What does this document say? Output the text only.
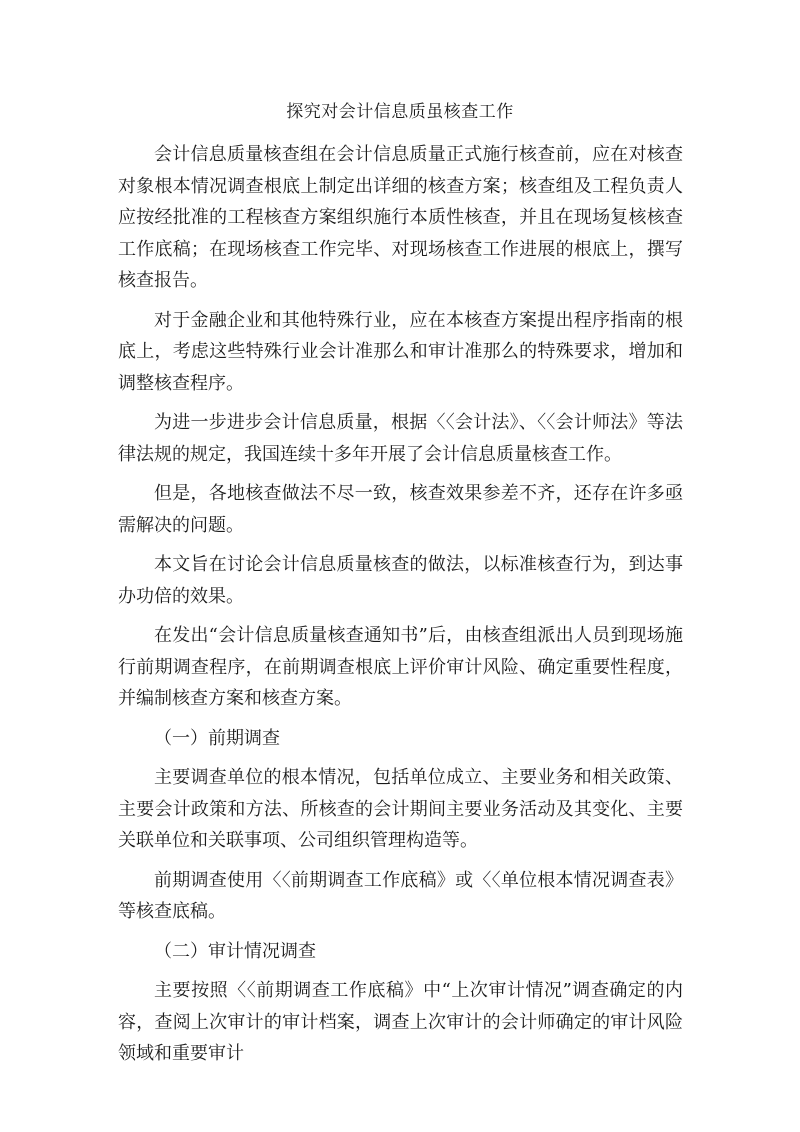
探究对会计信息质虽核查工作

会计信息质量核查组在会计信息质量正式施行核查前，应在对核查对象根本情况调查根底上制定出详细的核查方案；核查组及工程负责人应按经批准的工程核查方案组织施行本质性核查，并且在现场复核核查工作底稿；在现场核查工作完毕、对现场核查工作进展的根底上，撰写核查报告。

对于金融企业和其他特殊行业，应在本核查方案提出程序指南的根底上，考虑这些特殊行业会计准那么和审计准那么的特殊要求，增加和调整核查程序。

为进一步进步会计信息质量，根据〈〈会计法》、〈〈会计师法》等法律法规的规定，我国连续十多年开展了会计信息质量核查工作。

但是，各地核查做法不尽一致，核查效果参差不齐，还存在许多亟需解决的问题。

本文旨在讨论会计信息质量核查的做法，以标准核查行为，到达事办功倍的效果。

在发出“会计信息质量核查通知书”后，由核查组派出人员到现场施行前期调查程序，在前期调查根底上评价审计风险、确定重要性程度，并编制核查方案和核查方案。

（一）前期调查

主要调查单位的根本情况，包括单位成立、主要业务和相关政策、主要会计政策和方法、所核查的会计期间主要业务活动及其变化、主要关联单位和关联事项、公司组织管理构造等。

前期调查使用〈〈前期调查工作底稿》或〈〈单位根本情况调查表》等核查底稿。

（二）审计情况调查

主要按照〈〈前期调查工作底稿》中“上次审计情况”调查确定的内容，查阅上次审计的审计档案，调查上次审计的会计师确定的审计风险领域和重要审计
